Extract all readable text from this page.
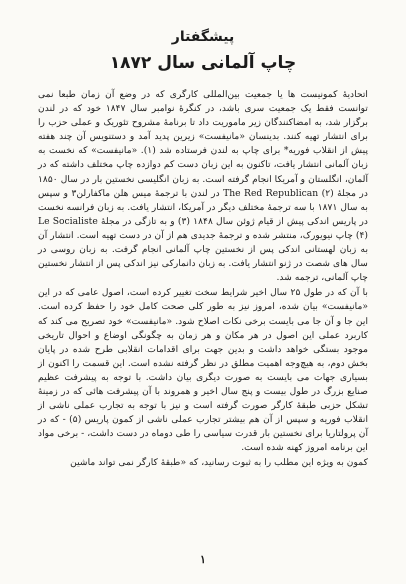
پیشگفتار
چاپ آلمانی سال ۱۸۷۲

اتحادیهٔ کمونیست ها یا جمعیت بین‌المللی کارگری که در وضع آن زمان طبعا نمی توانست فقط یک جمعیت سری باشد، در کنگرهٔ نوامبر سال ۱۸۴۷ خود که در لندن برگزار شد، به امضاکنندگان زیر ماموریت داد تا برنامهٔ مشروح تئوریک و عملی حزب را برای انتشار تهیه کنند. بدینسان «مانیفست» زیرین پدید آمد و دستنویس آن چند هفته پیش از انقلاب فوریه* برای چاپ به لندن فرستاده شد (۱). «مانیفست» که نخست به زبان آلمانی انتشار یافت، تاکنون به این زبان دست کم دوازده چاپ مختلف داشته که در آلمان، انگلستان و آمریکا انجام گرفته است. به زبان انگلیسی نخستین بار در سال ۱۸۵۰ در مجلهٔ The Red Republican (۲) در لندن با ترجمهٔ میس هلن ماکفارلن۳ و سپس به سال ۱۸۷۱ با سه ترجمهٔ مختلف دیگر در آمریکا، انتشار یافت. به زبان فرانسه نخست در پاریس اندکی پیش از قیام ژوئن سال ۱۸۴۸ (۳) و به تازگی در مجلهٔ Le Socialiste (۴) چاپ نیویورک، منتشر شده و ترجمهٔ جدیدی هم از آن در دست تهیه است. انتشار آن به زبان لهستانی اندکی پس از نخستین چاپ آلمانی انجام گرفت. به زبان روسی در سال های شصت در ژنو انتشار یافت. به زبان دانمارکی نیز اندکی پس از انتشار نخستین چاپ آلمانی، ترجمه شد.

با آن که در طول ۲۵ سال اخیر شرایط سخت تغییر کرده است، اصول عامی که در این «مانیفست» بیان شده، امروز نیز به طور کلی صحت کامل خود را حفظ کرده است. این جا و آن جا می بایست برخی نکات اصلاح شود. «مانیفست» خود تصریح می کند که کاربرد عملی این اصول در هر مکان و هر زمان به چگونگی اوضاع و احوال تاریخی موجود بستگی خواهد داشت و بدین جهت برای اقدامات انقلابی طرح شده در پایان بخش دوم، به هیچ‌وجه اهمیت مطلق در نظر گرفته نشده است. این قسمت را اکنون از بسیاری جهات می بایست به صورت دیگری بیان داشت. با توجه به پیشرفت عظیم صنایع بزرگ در طول بیست و پنج سال اخیر و همروند با آن پیشرفت هائی که در زمینهٔ تشکل حزبی طبقهٔ کارگر صورت گرفته است و نیز با توجه به تجارب عملی ناشی از انقلاب فوریه و سپس از آن هم بیشتر تجارب عملی ناشی از کمون پاریس (۵) - که در آن پرولتاریا برای نخستین بار قدرت سیاسی را طی دوماه در دست داشت، - برخی مواد این برنامه امروز کهنه شده است.

کمون به ویژه این مطلب را به ثبوت رسانید، که «طبقهٔ کارگر نمی تواند ماشین

۱
